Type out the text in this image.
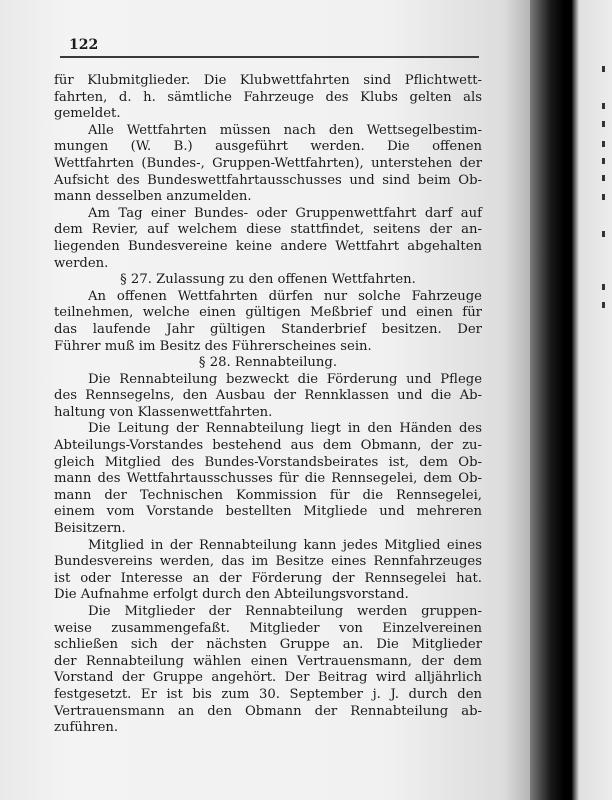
122
für Klubmitglieder. Die Klubwettfahrten sind Pflichtwett-
fahrten, d. h. sämtliche Fahrzeuge des Klubs gelten als
gemeldet.
Alle Wettfahrten müssen nach den Wettsegelbestim-
mungen (W. B.) ausgeführt werden. Die offenen
Wettfahrten (Bundes-, Gruppen-Wettfahrten), unterstehen der
Aufsicht des Bundeswettfahrtausschusses und sind beim Ob-
mann desselben anzumelden.
Am Tag einer Bundes- oder Gruppenwettfahrt darf auf
dem Revier, auf welchem diese stattfindet, seitens der an-
liegenden Bundesvereine keine andere Wettfahrt abgehalten
werden.
§ 27. Zulassung zu den offenen Wettfahrten.
An offenen Wettfahrten dürfen nur solche Fahrzeuge
teilnehmen, welche einen gültigen Meßbrief und einen für
das laufende Jahr gültigen Standerbrief besitzen. Der
Führer muß im Besitz des Führerscheines sein.
§ 28. Rennabteilung.
Die Rennabteilung bezweckt die Förderung und Pflege
des Rennsegelns, den Ausbau der Rennklassen und die Ab-
haltung von Klassenwettfahrten.
Die Leitung der Rennabteilung liegt in den Händen des
Abteilungs-Vorstandes bestehend aus dem Obmann, der zu-
gleich Mitglied des Bundes-Vorstandsbeirates ist, dem Ob-
mann des Wettfahrtausschusses für die Rennsegelei, dem Ob-
mann der Technischen Kommission für die Rennsegelei,
einem vom Vorstande bestellten Mitgliede und mehreren
Beisitzern.
Mitglied in der Rennabteilung kann jedes Mitglied eines
Bundesvereins werden, das im Besitze eines Rennfahrzeuges
ist oder Interesse an der Förderung der Rennsegelei hat.
Die Aufnahme erfolgt durch den Abteilungsvorstand.
Die Mitglieder der Rennabteilung werden gruppen-
weise zusammengefaßt. Mitglieder von Einzelvereinen
schließen sich der nächsten Gruppe an. Die Mitglieder
der Rennabteilung wählen einen Vertrauensmann, der dem
Vorstand der Gruppe angehört. Der Beitrag wird alljährlich
festgesetzt. Er ist bis zum 30. September j. J. durch den
Vertrauensmann an den Obmann der Rennabteilung ab-
zuführen.
